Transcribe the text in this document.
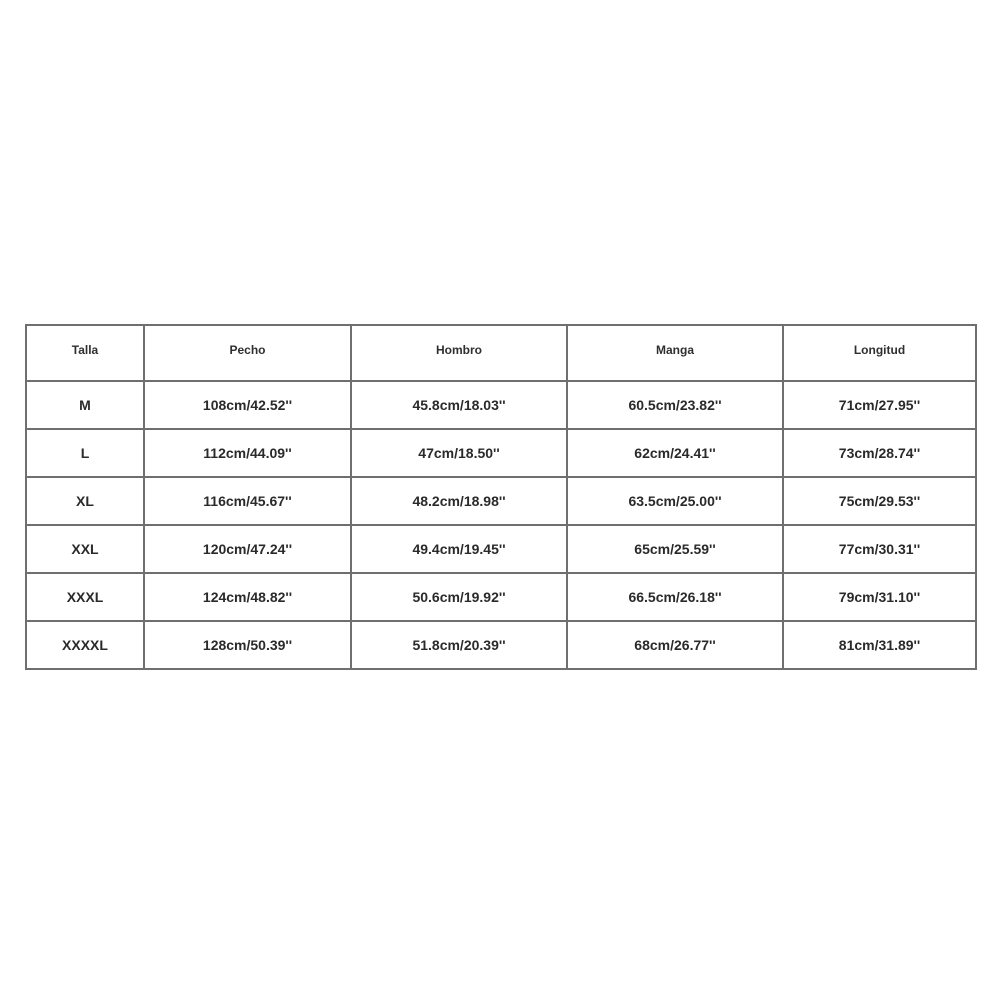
Talla	Pecho	Hombro	Manga	Longitud
M	108cm/42.52''	45.8cm/18.03''	60.5cm/23.82''	71cm/27.95''
L	112cm/44.09''	47cm/18.50''	62cm/24.41''	73cm/28.74''
XL	116cm/45.67''	48.2cm/18.98''	63.5cm/25.00''	75cm/29.53''
XXL	120cm/47.24''	49.4cm/19.45''	65cm/25.59''	77cm/30.31''
XXXL	124cm/48.82''	50.6cm/19.92''	66.5cm/26.18''	79cm/31.10''
XXXXL	128cm/50.39''	51.8cm/20.39''	68cm/26.77''	81cm/31.89''
